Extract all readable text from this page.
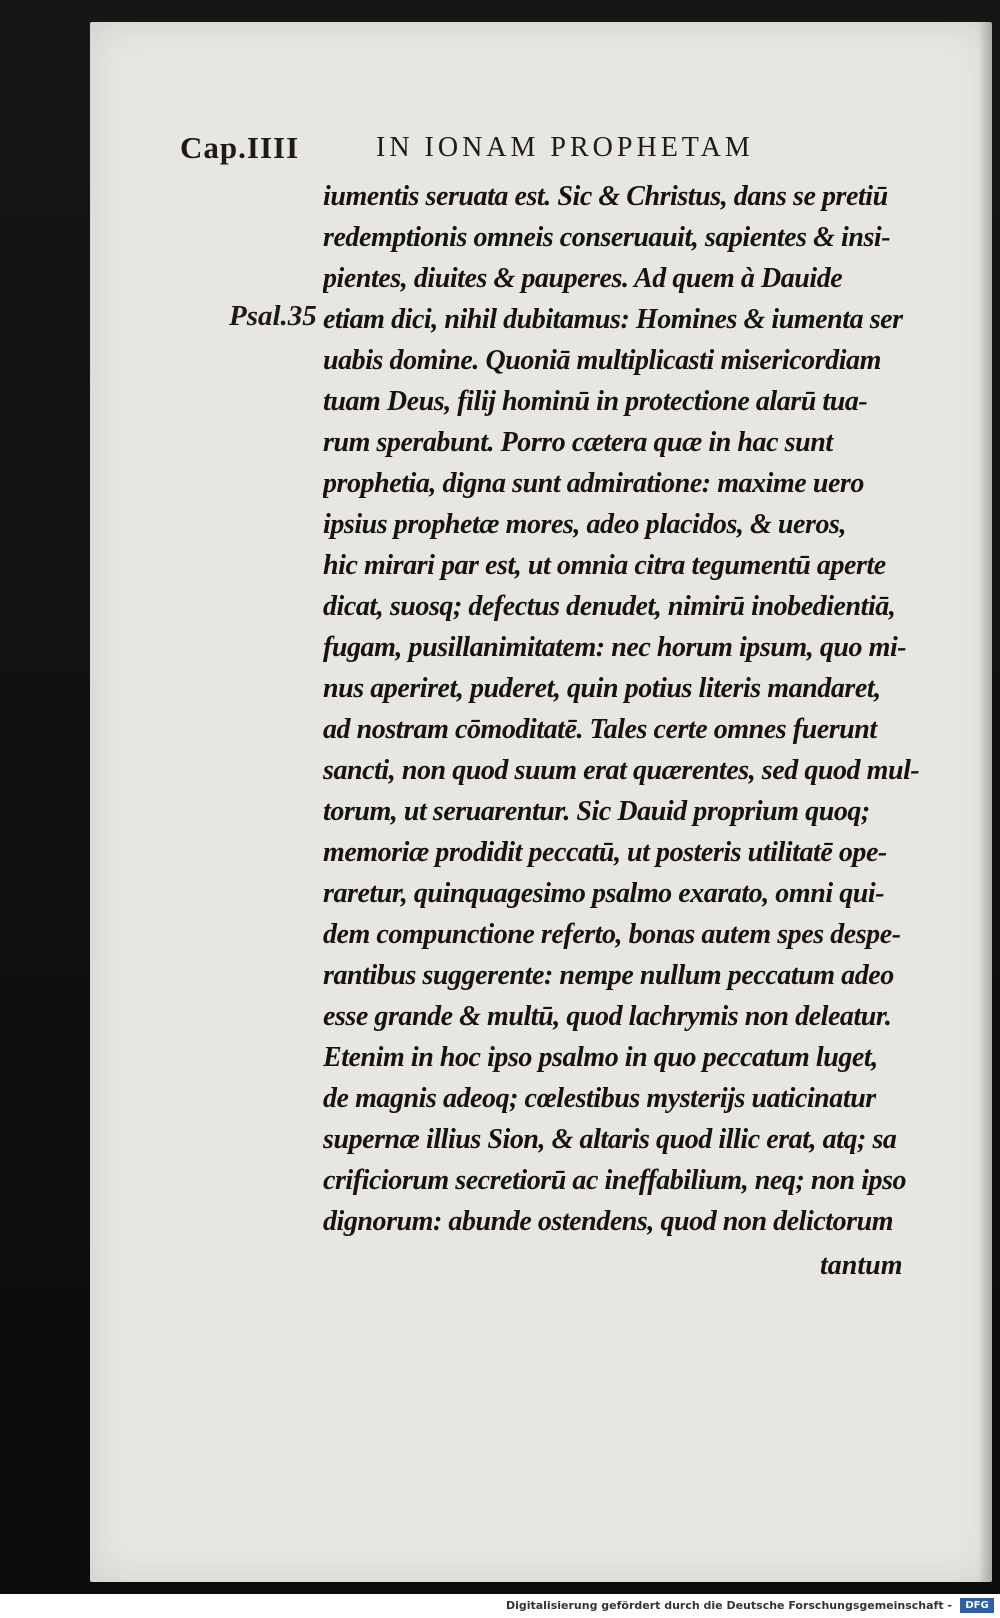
Cap.IIII	IN IONAM PROPHETAM
Psal.35
iumentis seruata est. Sic & Christus, dans se pretiū
redemptionis omneis conseruauit, sapientes & insi-
pientes, diuites & pauperes. Ad quem à Dauide
etiam dici, nihil dubitamus: Homines & iumenta ser
uabis domine. Quoniā multiplicasti misericordiam
tuam Deus, filij hominū in protectione alarū tua-
rum sperabunt. Porro cætera quæ in hac sunt
prophetia, digna sunt admiratione: maxime uero
ipsius prophetæ mores, adeo placidos, & ueros,
hic mirari par est, ut omnia citra tegumentū aperte
dicat, suosq; defectus denudet, nimirū inobedientiā,
fugam, pusillanimitatem: nec horum ipsum, quo mi-
nus aperiret, puderet, quin potius literis mandaret,
ad nostram cōmoditatē. Tales certe omnes fuerunt
sancti, non quod suum erat quærentes, sed quod mul-
torum, ut seruarentur. Sic Dauid proprium quoq;
memoriæ prodidit peccatū, ut posteris utilitatē ope-
raretur, quinquagesimo psalmo exarato, omni qui-
dem compunctione referto, bonas autem spes despe-
rantibus suggerente: nempe nullum peccatum adeo
esse grande & multū, quod lachrymis non deleatur.
Etenim in hoc ipso psalmo in quo peccatum luget,
de magnis adeoq; cœlestibus mysterijs uaticinatur
supernæ illius Sion, & altaris quod illic erat, atq; sa
crificiorum secretiorū ac ineffabilium, neq; non ipso
dignorum: abunde ostendens, quod non delictorum
tantum
Digitalisierung gefördert durch die Deutsche Forschungsgemeinschaft -	DFG
